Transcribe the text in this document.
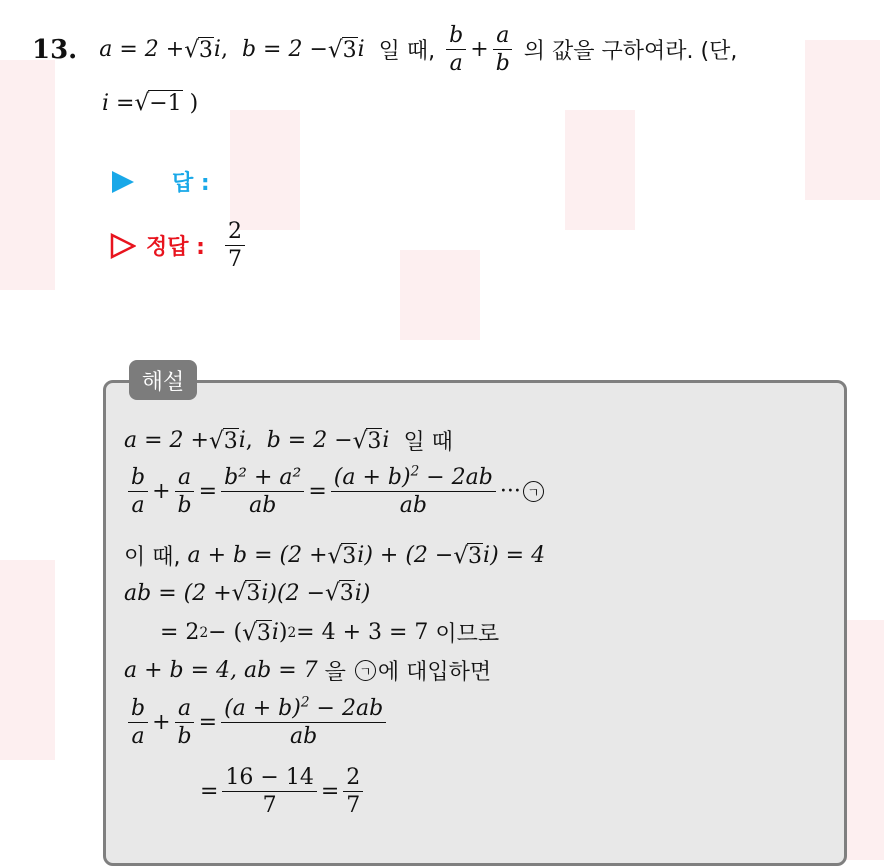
13. a = 2 + √ 3 i ,
b = 2 − √ 3 i
일 때,
$\frac{b}{a} + \frac{a}{b}$
의 값을 구하여라. (단,
i = √ −1
)
답 :
정답 : $\frac{2}{7}$
해설
a = 2 + √ 3 i ,
b = 2 − √ 3 i
일 때
$\frac{b}{a} + \frac{a}{b} = \frac{\text{b² + a²}}{ab} = \frac{(a + b)^2 - 2ab}{ab}$ ··· ㄱ
이 때,
a + b = (2 + √ 3 i ) + (2 − √ 3 i ) = 4
ab = (2 + √ 3 i )(2 − √ 3 i )
= 2 2 − ( √ 3 i ) 2 = 4 + 3 = 7
이므로
a + b = 4, ab = 7
을
	ㄱ 에 대입하면
$\frac{b}{a} + \frac{a}{b} = \frac{(a + b)^2 - 2ab}{ab}$
= $\frac{16 - 14}{7} = \frac{2}{7}$
